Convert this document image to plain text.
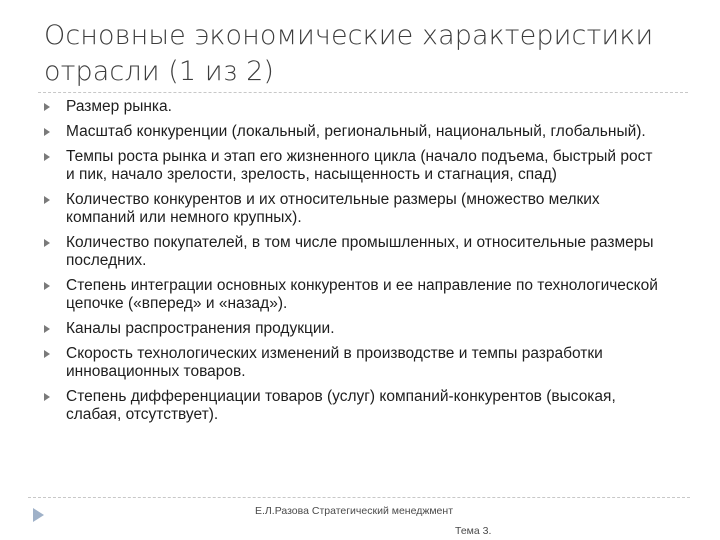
Основные экономические характеристики отрасли (1 из 2)
Размер рынка.
Масштаб конкуренции (локальный, региональный, национальный, глобальный).
Темпы роста рынка и этап его жизненного цикла (начало подъема, быстрый рост и пик, начало зрелости, зрелость, насыщенность и стагнация, спад)
Количество конкурентов и их относительные размеры (множество мелких компаний или немного крупных).
Количество покупателей, в том числе промышленных, и относительные размеры последних.
Степень интеграции основных конкурентов и ее направление по технологической цепочке («вперед» и «назад»).
Каналы распространения продукции.
Скорость технологических изменений в производстве и темпы разработки инновационных товаров.
Степень дифференциации товаров (услуг) компаний-конкурентов (высокая, слабая, отсутствует).
Е.Л.Разова Стратегический менеджмент
Тема 3.
